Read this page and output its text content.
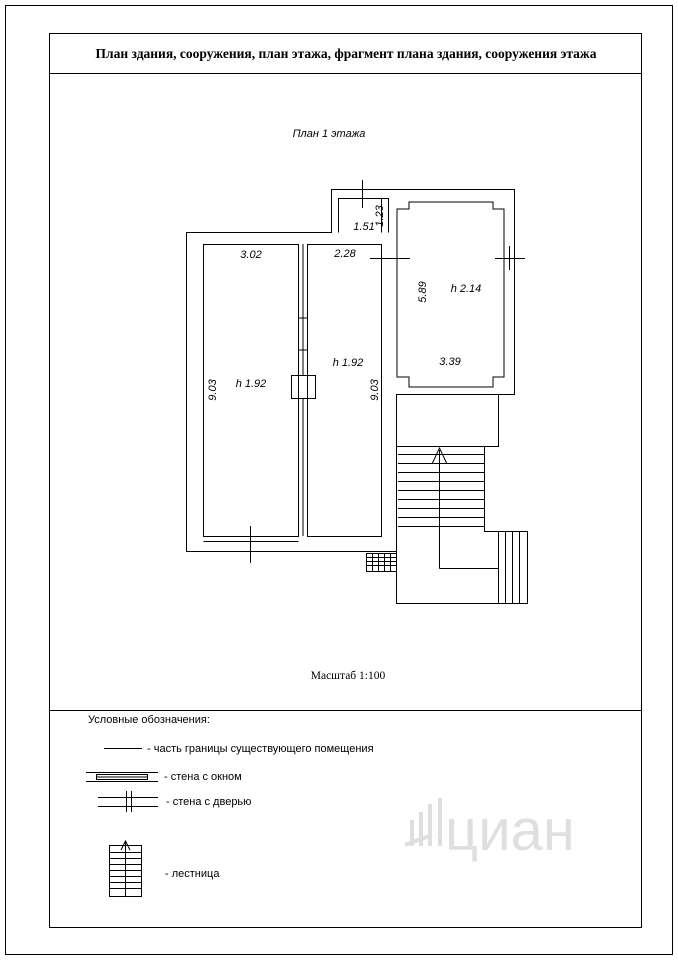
План здания, сооружения, план этажа, фрагмент плана здания, сооружения этажа
План 1 этажа
3.02
h 1.92
9.03
2.28
h 1.92
9.03
1.51
1.23
3.39
h 2.14
5.89
Масштаб 1:100
Условные обозначения:
- часть границы существующего помещения
- стена с окном
- стена с дверью
- лестница
циан
